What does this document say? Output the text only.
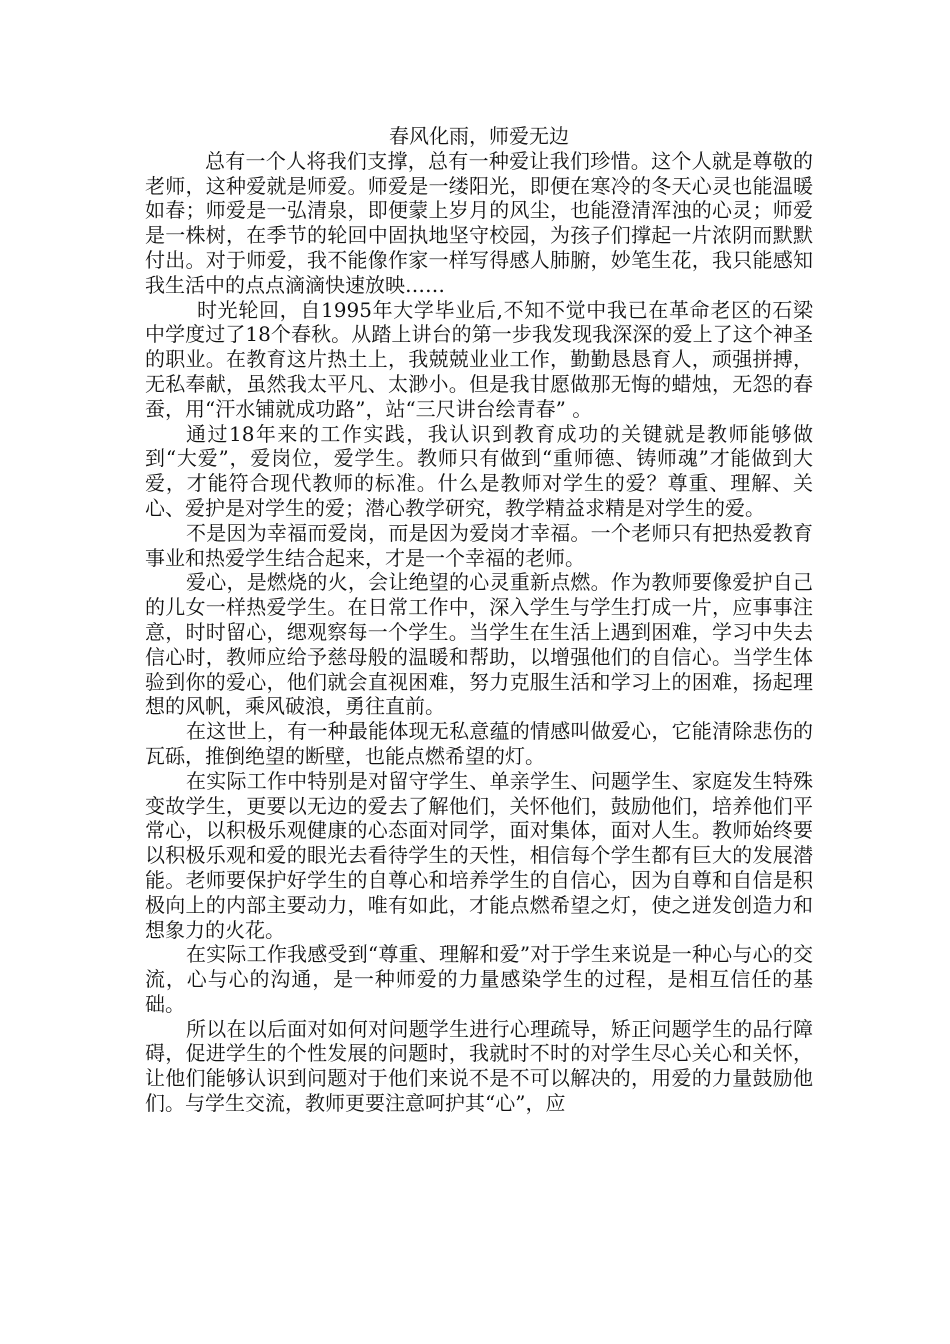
春风化雨，师爱无边

总有一个人将我们支撑，总有一种爱让我们珍惜。这个人就是尊敬的老师，这种爱就是师爱。师爱是一缕阳光，即便在寒冷的冬天心灵也能温暖如春；师爱是一弘清泉，即便蒙上岁月的风尘，也能澄清浑浊的心灵；师爱是一株树，在季节的轮回中固执地坚守校园，为孩子们撑起一片浓阴而默默付出。对于师爱，我不能像作家一样写得感人肺腑，妙笔生花，我只能感知我生活中的点点滴滴快速放映……

时光轮回，自1995年大学毕业后,不知不觉中我已在革命老区的石梁中学度过了18个春秋。从踏上讲台的第一步我发现我深深的爱上了这个神圣的职业。在教育这片热土上，我兢兢业业工作，勤勤恳恳育人，顽强拼搏，无私奉献，虽然我太平凡、太渺小。但是我甘愿做那无悔的蜡烛，无怨的春蚕，用“汗水铺就成功路”，站“三尺讲台绘青春” 。

通过18年来的工作实践，我认识到教育成功的关键就是教师能够做到“大爱”，爱岗位，爱学生。教师只有做到“重师德、铸师魂”才能做到大爱，才能符合现代教师的标准。什么是教师对学生的爱？尊重、理解、关心、爱护是对学生的爱；潜心教学研究，教学精益求精是对学生的爱。

不是因为幸福而爱岗，而是因为爱岗才幸福。一个老师只有把热爱教育事业和热爱学生结合起来，才是一个幸福的老师。

爱心，是燃烧的火，会让绝望的心灵重新点燃。作为教师要像爱护自己的儿女一样热爱学生。在日常工作中，深入学生与学生打成一片，应事事注意，时时留心，缌观察每一个学生。当学生在生活上遇到困难，学习中失去信心时，教师应给予慈母般的温暖和帮助，以增强他们的自信心。当学生体验到你的爱心，他们就会直视困难，努力克服生活和学习上的困难，扬起理想的风帆，乘风破浪，勇往直前。

在这世上，有一种最能体现无私意蕴的情感叫做爱心，它能清除悲伤的瓦砾，推倒绝望的断壁，也能点燃希望的灯。

在实际工作中特别是对留守学生、单亲学生、问题学生、家庭发生特殊变故学生，更要以无边的爱去了解他们，关怀他们，鼓励他们，培养他们平常心，以积极乐观健康的心态面对同学，面对集体，面对人生。教师始终要以积极乐观和爱的眼光去看待学生的天性，相信每个学生都有巨大的发展潜能。老师要保护好学生的自尊心和培养学生的自信心，因为自尊和自信是积极向上的内部主要动力，唯有如此，才能点燃希望之灯，使之迸发创造力和想象力的火花。

在实际工作我感受到“尊重、理解和爱”对于学生来说是一种心与心的交流，心与心的沟通，是一种师爱的力量感染学生的过程，是相互信任的基础。

所以在以后面对如何对问题学生进行心理疏导，矫正问题学生的品行障碍，促进学生的个性发展的问题时，我就时不时的对学生尽心关心和关怀，让他们能够认识到问题对于他们来说不是不可以解决的，用爱的力量鼓励他们。与学生交流，教师更要注意呵护其“心”，应
